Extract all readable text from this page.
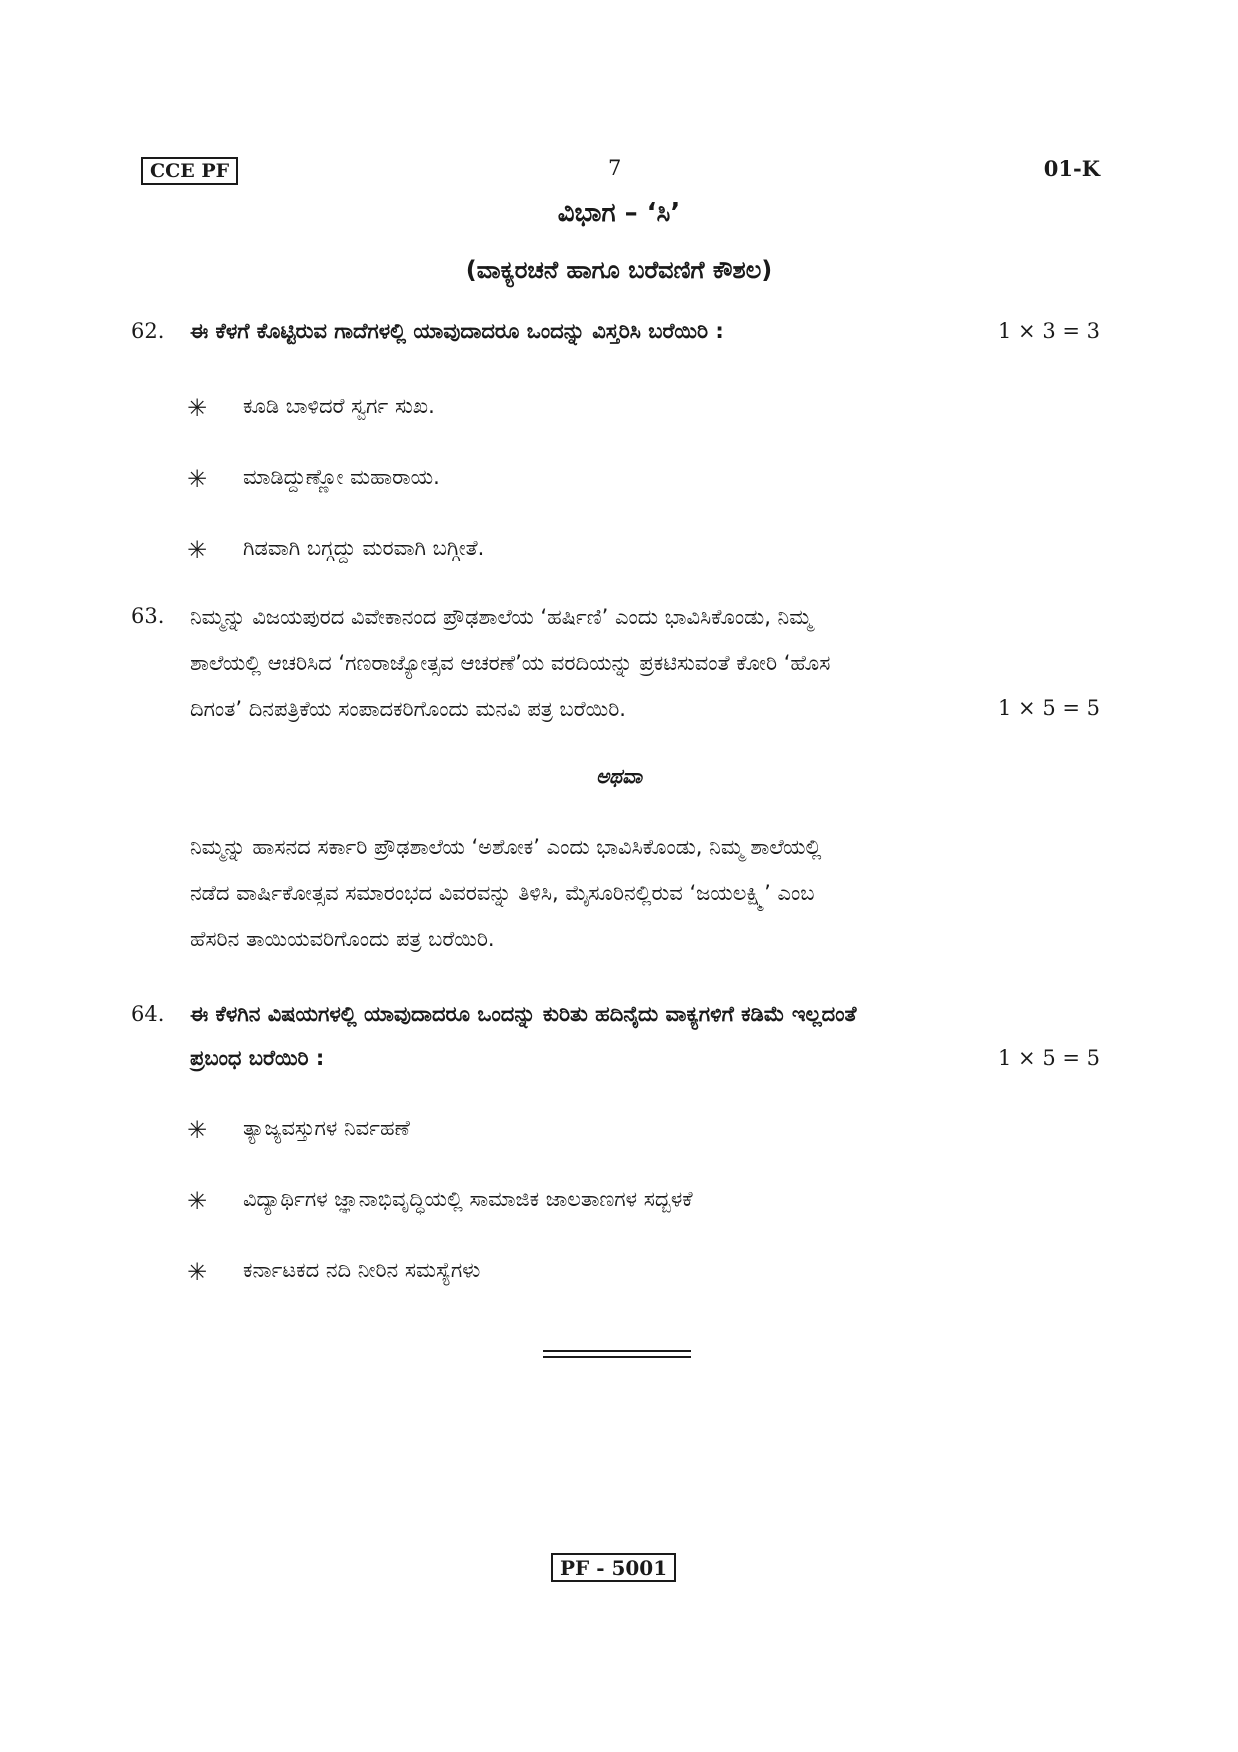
CCE PF	7	01-K
ವಿಭಾಗ – ‘ಸಿ’
(ವಾಕ್ಯರಚನೆ ಹಾಗೂ ಬರೆವಣಿಗೆ ಕೌಶಲ)
62. ಈ ಕೆಳಗೆ ಕೊಟ್ಟಿರುವ ಗಾದೆಗಳಲ್ಲಿ ಯಾವುದಾದರೂ ಒಂದನ್ನು ವಿಸ್ತರಿಸಿ ಬರೆಯಿರಿ :	1 × 3 = 3
✳ ಕೂಡಿ ಬಾಳಿದರೆ ಸ್ವರ್ಗ ಸುಖ.
✳ ಮಾಡಿದ್ದುಣ್ಣೋ ಮಹಾರಾಯ.
✳ ಗಿಡವಾಗಿ ಬಗ್ಗದ್ದು ಮರವಾಗಿ ಬಗ್ಗೀತೆ.
63. ನಿಮ್ಮನ್ನು ವಿಜಯಪುರದ ವಿವೇಕಾನಂದ ಪ್ರೌಢಶಾಲೆಯ ‘ಹರ್ಷಿಣಿ’ ಎಂದು ಭಾವಿಸಿಕೊಂಡು, ನಿಮ್ಮ
ಶಾಲೆಯಲ್ಲಿ ಆಚರಿಸಿದ ‘ಗಣರಾಜ್ಯೋತ್ಸವ ಆಚರಣೆ’ಯ ವರದಿಯನ್ನು ಪ್ರಕಟಿಸುವಂತೆ ಕೋರಿ ‘ಹೊಸ
ದಿಗಂತ’ ದಿನಪತ್ರಿಕೆಯ ಸಂಪಾದಕರಿಗೊಂದು ಮನವಿ ಪತ್ರ ಬರೆಯಿರಿ.	1 × 5 = 5
ಅಥವಾ
ನಿಮ್ಮನ್ನು ಹಾಸನದ ಸರ್ಕಾರಿ ಪ್ರೌಢಶಾಲೆಯ ‘ಅಶೋಕ’ ಎಂದು ಭಾವಿಸಿಕೊಂಡು, ನಿಮ್ಮ ಶಾಲೆಯಲ್ಲಿ
ನಡೆದ ವಾರ್ಷಿಕೋತ್ಸವ ಸಮಾರಂಭದ ವಿವರವನ್ನು ತಿಳಿಸಿ, ಮೈಸೂರಿನಲ್ಲಿರುವ ‘ಜಯಲಕ್ಷ್ಮಿ’ ಎಂಬ
ಹೆಸರಿನ ತಾಯಿಯವರಿಗೊಂದು ಪತ್ರ ಬರೆಯಿರಿ.
64. ಈ ಕೆಳಗಿನ ವಿಷಯಗಳಲ್ಲಿ ಯಾವುದಾದರೂ ಒಂದನ್ನು ಕುರಿತು ಹದಿನೈದು ವಾಕ್ಯಗಳಿಗೆ ಕಡಿಮೆ ಇಲ್ಲದಂತೆ
ಪ್ರಬಂಧ ಬರೆಯಿರಿ :	1 × 5 = 5
✳ ತ್ಯಾಜ್ಯವಸ್ತುಗಳ ನಿರ್ವಹಣೆ
✳ ವಿದ್ಯಾರ್ಥಿಗಳ ಜ್ಞಾನಾಭಿವೃದ್ಧಿಯಲ್ಲಿ ಸಾಮಾಜಿಕ ಜಾಲತಾಣಗಳ ಸದ್ಬಳಕೆ
✳ ಕರ್ನಾಟಕದ ನದಿ ನೀರಿನ ಸಮಸ್ಯೆಗಳು
PF - 5001
